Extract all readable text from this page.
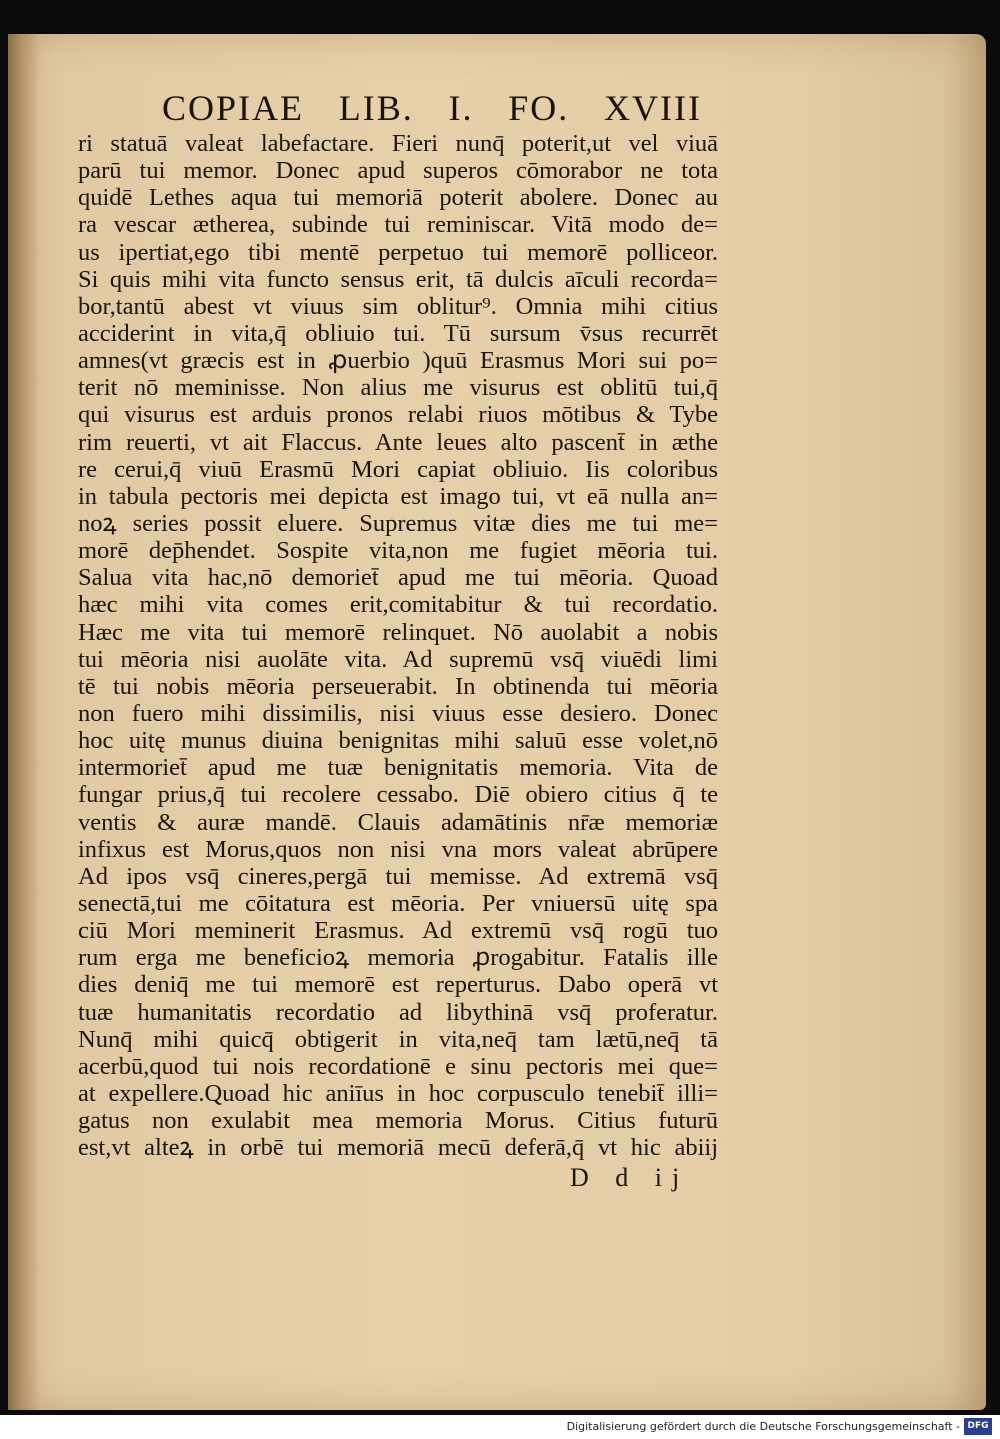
COPIAE LIB. I. FO. XVIII
ri statuā valeat labefactare. Fieri nunq̄ poterit,ut vel viuā
parū tui memor. Donec apud superos cōmorabor ne tota
quidē Lethes aqua tui memoriā poterit abolere. Donec au
ra vescar ætherea, subinde tui reminiscar. Vitā modo de=
us ipertiat,ego tibi mentē perpetuo tui memorē polliceor.
Si quis mihi vita functo sensus erit, tā dulcis aīculi recorda=
bor,tantū abest vt viuus sim oblitur⁹. Omnia mihi citius
acciderint in vita,q̄ obliuio tui. Tū sursum v̄sus recurrēt
amnes(vt græcis est in ꝓuerbio )quū Erasmus Mori sui po=
terit nō meminisse. Non alius me visurus est oblitū tui,q̄
qui visurus est arduis pronos relabi riuos mōtibus & Tybe
rim reuerti, vt ait Flaccus. Ante leues alto pascent̄ in æthe
re cerui,q̄ viuū Erasmū Mori capiat obliuio. Iis coloribus
in tabula pectoris mei depicta est imago tui, vt eā nulla an=
noꝝ series possit eluere. Supremus vitæ dies me tui me=
morē dep̄hendet. Sospite vita,non me fugiet mēoria tui.
Salua vita hac,nō demoriet̄ apud me tui mēoria. Quoad
hæc mihi vita comes erit,comitabitur & tui recordatio.
Hæc me vita tui memorē relinquet. Nō auolabit a nobis
tui mēoria nisi auolāte vita. Ad supremū vsq̄ viuēdi limi
tē tui nobis mēoria perseuerabit. In obtinenda tui mēoria
non fuero mihi dissimilis, nisi viuus esse desiero. Donec
hoc uitę munus diuina benignitas mihi saluū esse volet,nō
intermoriet̄ apud me tuæ benignitatis memoria. Vita de
fungar prius,q̄ tui recolere cessabo. Diē obiero citius q̄ te
ventis & auræ mandē. Clauis adamātinis nr̄æ memoriæ
infixus est Morus,quos non nisi vna mors valeat abrūpere
Ad ipos vsq̄ cineres,pergā tui memisse. Ad extremā vsq̄
senectā,tui me cōitatura est mēoria. Per vniuersū uitę spa
ciū Mori meminerit Erasmus. Ad extremū vsq̄ rogū tuo
rum erga me beneficioꝝ memoria ꝓrogabitur. Fatalis ille
dies deniq̄ me tui memorē est reperturus. Dabo operā vt
tuæ humanitatis recordatio ad libythinā vsq̄ proferatur.
Nunq̄ mihi quicq̄ obtigerit in vita,neq̄ tam lætū,neq̄ tā
acerbū,quod tui nois recordationē e sinu pectoris mei que=
at expellere.Quoad hic aniīus in hoc corpusculo tenebit̄ illi=
gatus non exulabit mea memoria Morus. Citius futurū
est,vt alteꝝ in orbē tui memoriā mecū deferā,q̄ vt hic abiij
D d ij
Digitalisierung gefördert durch die Deutsche Forschungsgemeinschaft - DFG
